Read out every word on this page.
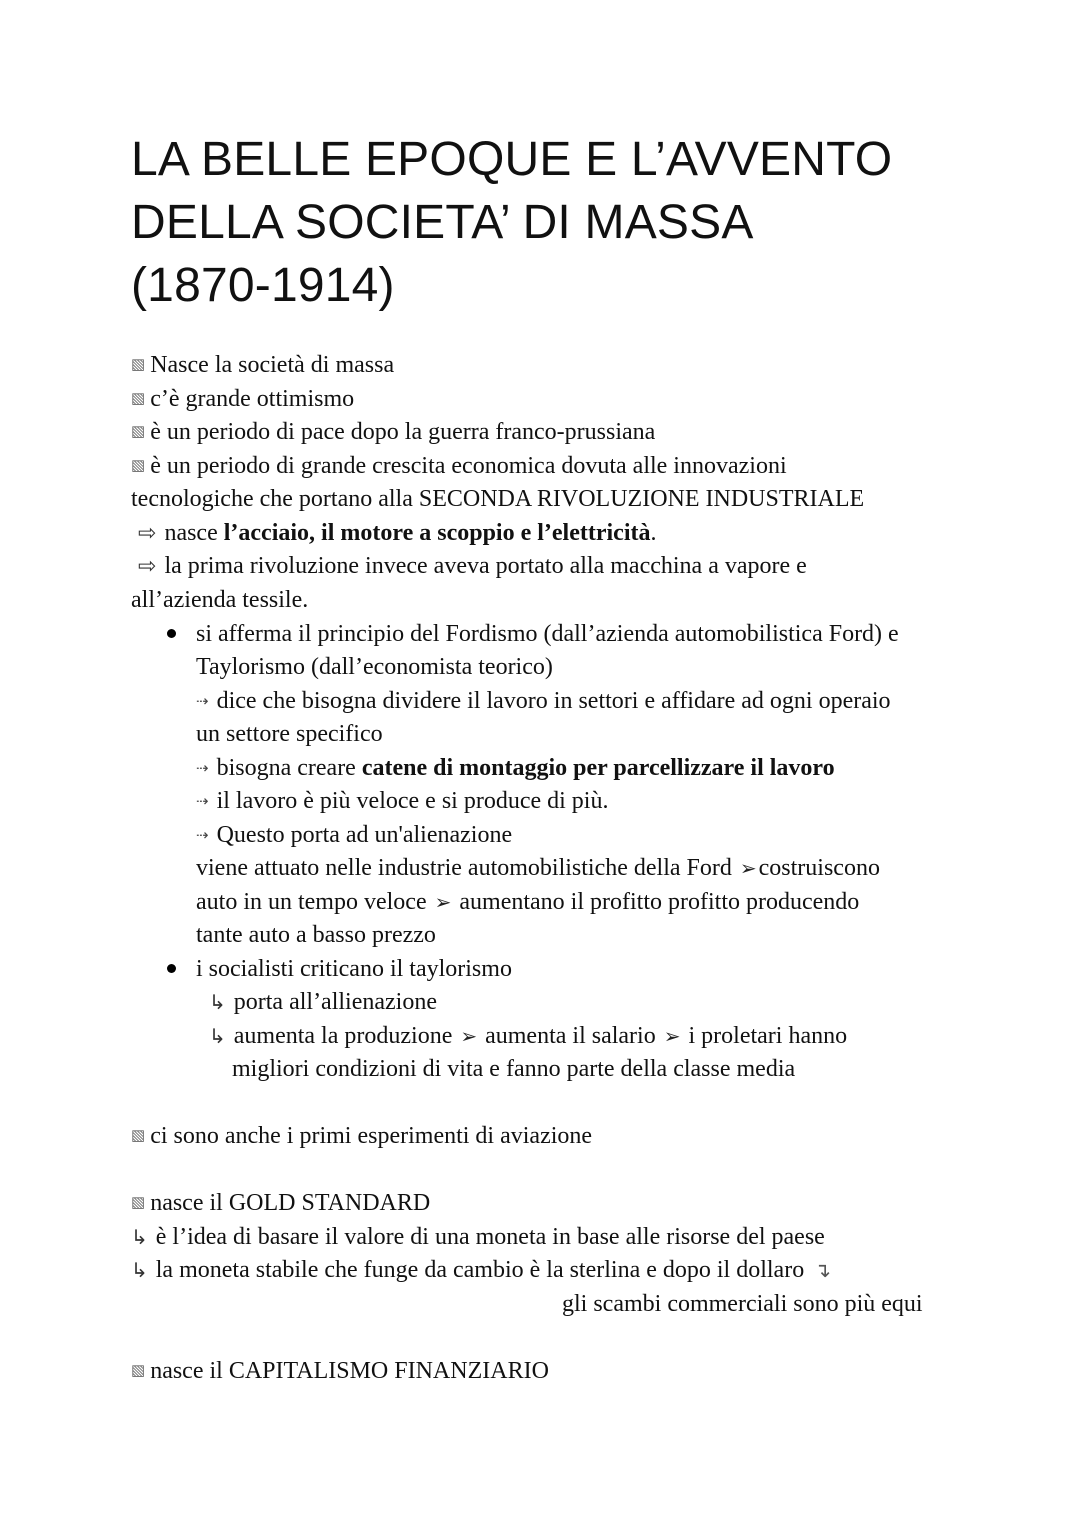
LA BELLE EPOQUE E L’AVVENTO
DELLA SOCIETA’ DI MASSA
(1870-1914)
▧ Nasce la società di massa
▧ c’è grande ottimismo
▧ è un periodo di pace dopo la guerra franco-prussiana
▧ è un periodo di grande crescita economica dovuta alle innovazioni
tecnologiche che portano alla SECONDA RIVOLUZIONE INDUSTRIALE
⇨ nasce l’acciaio, il motore a scoppio e l’elettricità.
⇨ la prima rivoluzione invece aveva portato alla macchina a vapore e
all’azienda tessile.
si afferma il principio del Fordismo (dall’azienda automobilistica Ford) e
Taylorismo (dall’economista teorico)
⇢ dice che bisogna dividere il lavoro in settori e affidare ad ogni operaio
un settore specifico
⇢ bisogna creare catene di montaggio per parcellizzare il lavoro
⇢ il lavoro è più veloce e si produce di più.
⇢ Questo porta ad un'alienazione
viene attuato nelle industrie automobilistiche della Ford ➢costruiscono
auto in un tempo veloce ➢ aumentano il profitto profitto producendo
tante auto a basso prezzo
i socialisti criticano il taylorismo
↳ porta all’allienazione
↳ aumenta la produzione ➢ aumenta il salario ➢ i proletari hanno
migliori condizioni di vita e fanno parte della classe media
▧ ci sono anche i primi esperimenti di aviazione
▧ nasce il GOLD STANDARD
↳ è l’idea di basare il valore di una moneta in base alle risorse del paese
↳ la moneta stabile che funge da cambio è la sterlina e dopo il dollaro ↴
gli scambi commerciali sono più equi
▧ nasce il CAPITALISMO FINANZIARIO
